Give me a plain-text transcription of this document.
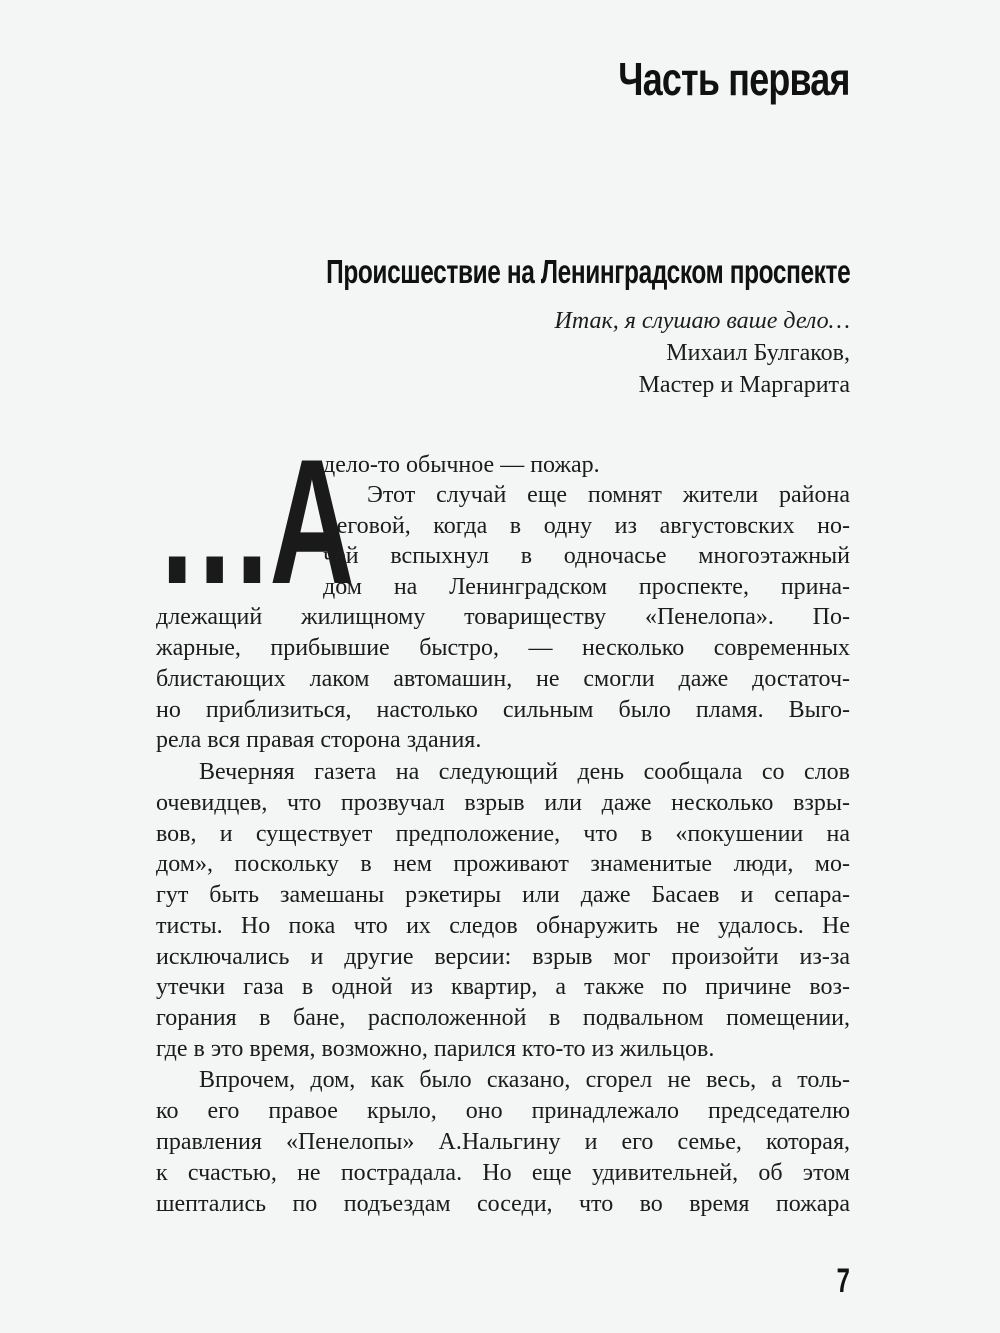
Часть первая
Происшествие на Ленинградском проспекте
Итак, я слушаю ваше дело…
Михаил Булгаков,
Мастер и Маргарита
…А
дело-то обычное — пожар.
Этот случай еще помнят жители района
Беговой, когда в одну из августовских но-
чей вспыхнул в одночасье многоэтажный
дом на Ленинградском проспекте, прина-
длежащий жилищному товариществу «Пенелопа». По-
жарные, прибывшие быстро, — несколько современных
блистающих лаком автомашин, не смогли даже достаточ-
но приблизиться, настолько сильным было пламя. Выго-
рела вся правая сторона здания.
Вечерняя газета на следующий день сообщала со слов
очевидцев, что прозвучал взрыв или даже несколько взры-
вов, и существует предположение, что в «покушении на
дом», поскольку в нем проживают знаменитые люди, мо-
гут быть замешаны рэкетиры или даже Басаев и сепара-
тисты. Но пока что их следов обнаружить не удалось. Не
исключались и другие версии: взрыв мог произойти из-за
утечки газа в одной из квартир, а также по причине воз-
горания в бане, расположенной в подвальном помещении,
где в это время, возможно, парился кто-то из жильцов.
Впрочем, дом, как было сказано, сгорел не весь, а толь-
ко его правое крыло, оно принадлежало председателю
правления «Пенелопы» А.Нальгину и его семье, которая,
к счастью, не пострадала. Но еще удивительней, об этом
шептались по подъездам соседи, что во время пожара
7
